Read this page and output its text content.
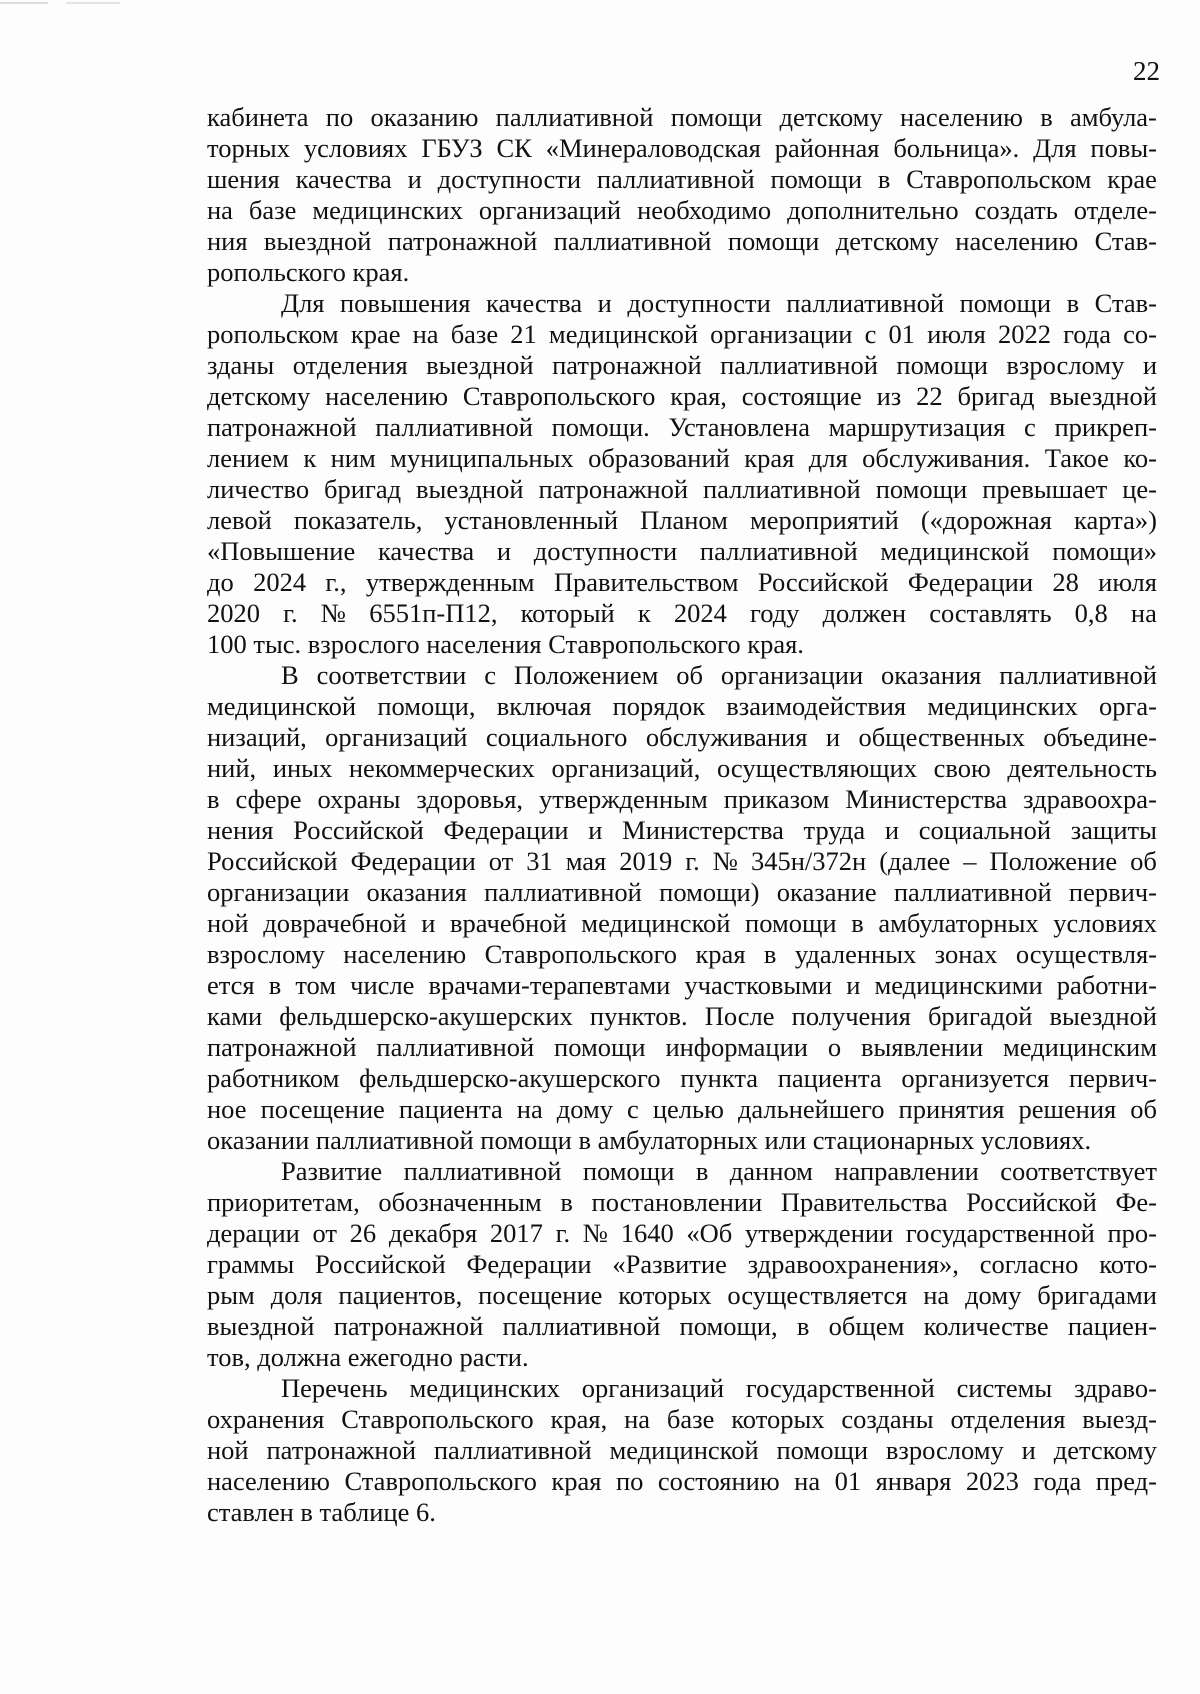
22
кабинета по оказанию паллиативной помощи детскому населению в амбула-
торных условиях ГБУЗ СК «Минераловодская районная больница». Для повы-
шения качества и доступности паллиативной помощи в Ставропольском крае
на базе медицинских организаций необходимо дополнительно создать отделе-
ния выездной патронажной паллиативной помощи детскому населению Став-
ропольского края.
Для повышения качества и доступности паллиативной помощи в Став-
ропольском крае на базе 21 медицинской организации с 01 июля 2022 года со-
зданы отделения выездной патронажной паллиативной помощи взрослому и
детскому населению Ставропольского края, состоящие из 22 бригад выездной
патронажной паллиативной помощи. Установлена маршрутизация с прикреп-
лением к ним муниципальных образований края для обслуживания. Такое ко-
личество бригад выездной патронажной паллиативной помощи превышает це-
левой показатель, установленный Планом мероприятий («дорожная карта»)
«Повышение качества и доступности паллиативной медицинской помощи»
до 2024 г., утвержденным Правительством Российской Федерации 28 июля
2020 г. № 6551п-П12, который к 2024 году должен составлять 0,8 на
100 тыс. взрослого населения Ставропольского края.
В соответствии с Положением об организации оказания паллиативной
медицинской помощи, включая порядок взаимодействия медицинских орга-
низаций, организаций социального обслуживания и общественных объедине-
ний, иных некоммерческих организаций, осуществляющих свою деятельность
в сфере охраны здоровья, утвержденным приказом Министерства здравоохра-
нения Российской Федерации и Министерства труда и социальной защиты
Российской Федерации от 31 мая 2019 г. № 345н/372н (далее – Положение об
организации оказания паллиативной помощи) оказание паллиативной первич-
ной доврачебной и врачебной медицинской помощи в амбулаторных условиях
взрослому населению Ставропольского края в удаленных зонах осуществля-
ется в том числе врачами-терапевтами участковыми и медицинскими работни-
ками фельдшерско-акушерских пунктов. После получения бригадой выездной
патронажной паллиативной помощи информации о выявлении медицинским
работником фельдшерско-акушерского пункта пациента организуется первич-
ное посещение пациента на дому с целью дальнейшего принятия решения об
оказании паллиативной помощи в амбулаторных или стационарных условиях.
Развитие паллиативной помощи в данном направлении соответствует
приоритетам, обозначенным в постановлении Правительства Российской Фе-
дерации от 26 декабря 2017 г. № 1640 «Об утверждении государственной про-
граммы Российской Федерации «Развитие здравоохранения», согласно кото-
рым доля пациентов, посещение которых осуществляется на дому бригадами
выездной патронажной паллиативной помощи, в общем количестве пациен-
тов, должна ежегодно расти.
Перечень медицинских организаций государственной системы здраво-
охранения Ставропольского края, на базе которых созданы отделения выезд-
ной патронажной паллиативной медицинской помощи взрослому и детскому
населению Ставропольского края по состоянию на 01 января 2023 года пред-
ставлен в таблице 6.
